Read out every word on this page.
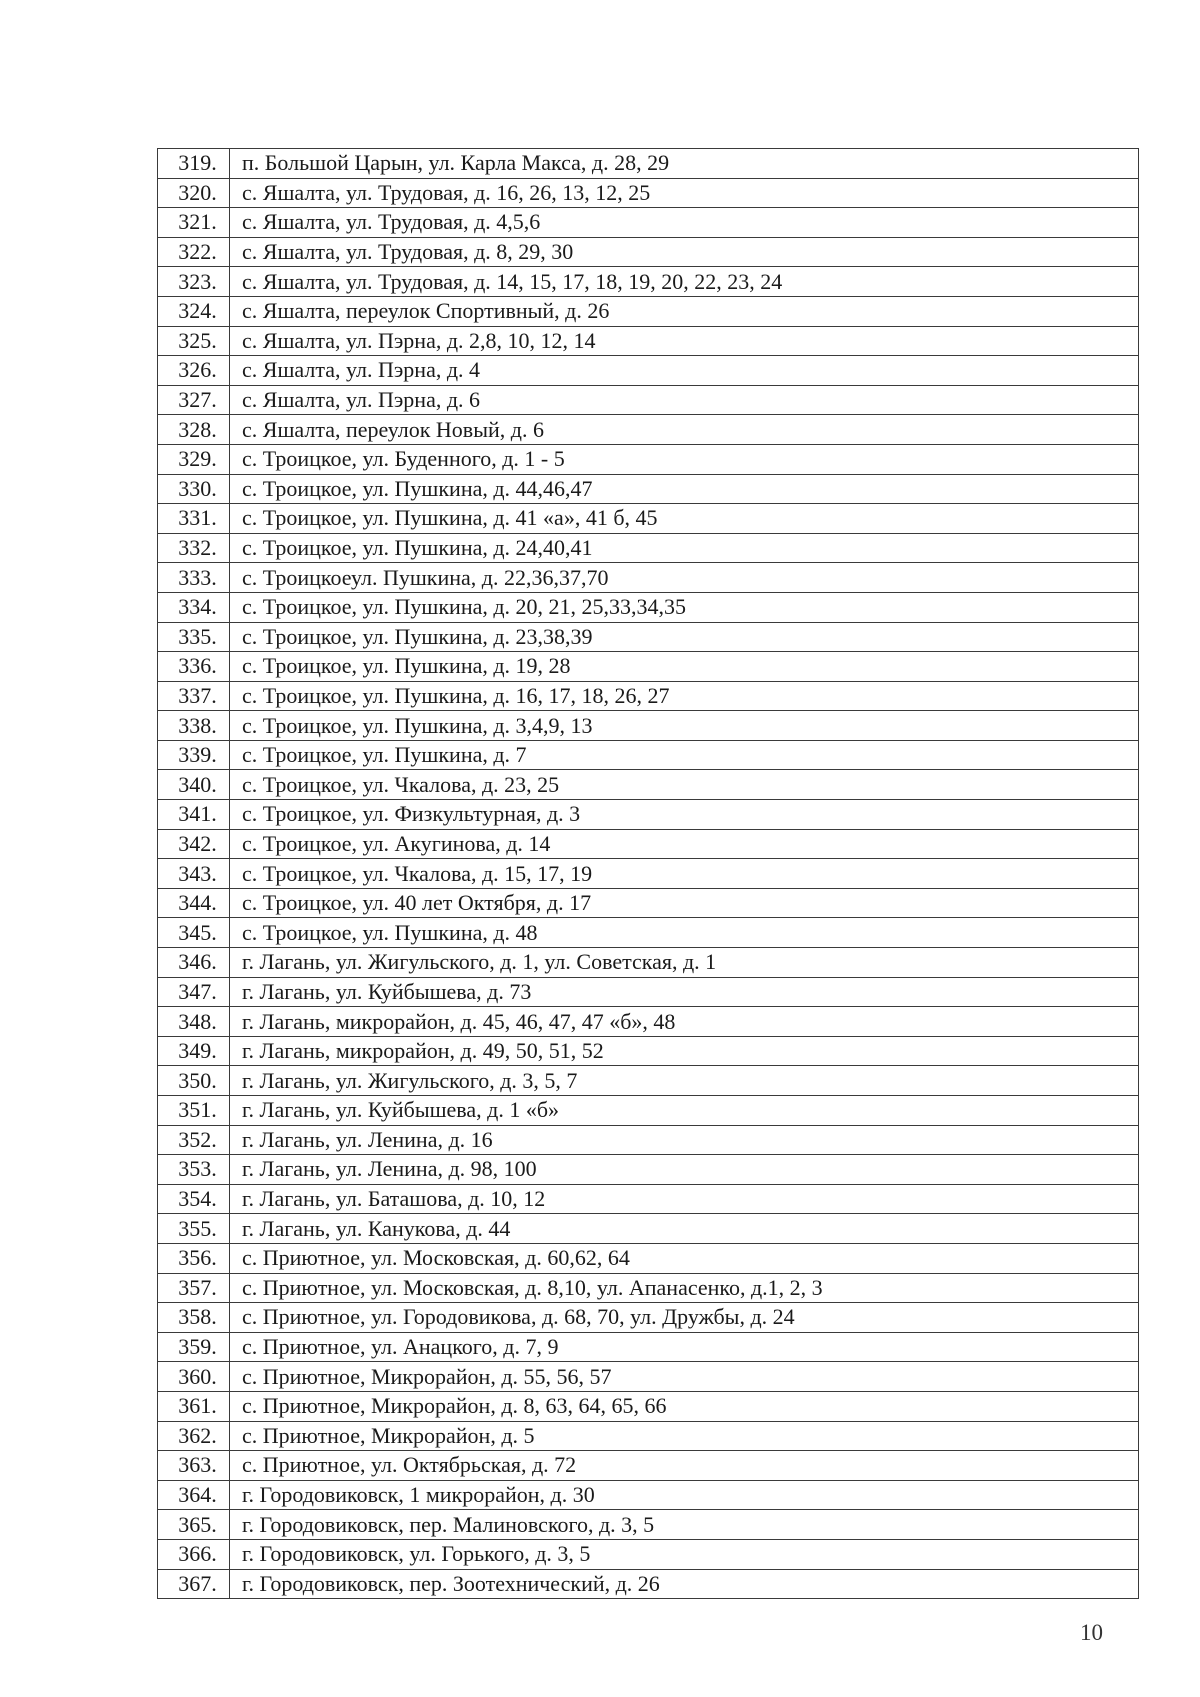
319.	п. Большой Царын, ул. Карла Макса, д. 28, 29
320.	с. Яшалта, ул. Трудовая, д. 16, 26, 13, 12, 25
321.	с. Яшалта, ул. Трудовая, д. 4,5,6
322.	с. Яшалта, ул. Трудовая, д. 8, 29, 30
323.	с. Яшалта, ул. Трудовая, д. 14, 15, 17, 18, 19, 20, 22, 23, 24
324.	с. Яшалта, переулок Спортивный, д. 26
325.	с. Яшалта, ул. Пэрна, д. 2,8, 10, 12, 14
326.	с. Яшалта, ул. Пэрна, д. 4
327.	с. Яшалта, ул. Пэрна, д. 6
328.	с. Яшалта, переулок Новый, д. 6
329.	с. Троицкое, ул. Буденного, д. 1 - 5
330.	с. Троицкое, ул. Пушкина, д. 44,46,47
331.	с. Троицкое, ул. Пушкина, д. 41 «а», 41 б, 45
332.	с. Троицкое, ул. Пушкина, д. 24,40,41
333.	с. Троицкоеул. Пушкина, д. 22,36,37,70
334.	с. Троицкое, ул. Пушкина, д. 20, 21, 25,33,34,35
335.	с. Троицкое, ул. Пушкина, д. 23,38,39
336.	с. Троицкое, ул. Пушкина, д. 19, 28
337.	с. Троицкое, ул. Пушкина, д. 16, 17, 18, 26, 27
338.	с. Троицкое, ул. Пушкина, д. 3,4,9, 13
339.	с. Троицкое, ул. Пушкина, д. 7
340.	с. Троицкое, ул. Чкалова, д. 23, 25
341.	с. Троицкое, ул. Физкультурная, д. 3
342.	с. Троицкое, ул. Акугинова, д. 14
343.	с. Троицкое, ул. Чкалова, д. 15, 17, 19
344.	с. Троицкое, ул. 40 лет Октября, д. 17
345.	с. Троицкое, ул. Пушкина, д. 48
346.	г. Лагань, ул. Жигульского, д. 1, ул. Советская, д. 1
347.	г. Лагань, ул. Куйбышева, д. 73
348.	г. Лагань, микрорайон, д. 45, 46, 47, 47 «б», 48
349.	г. Лагань, микрорайон, д. 49, 50, 51, 52
350.	г. Лагань, ул. Жигульского, д. 3, 5, 7
351.	г. Лагань, ул. Куйбышева, д. 1 «б»
352.	г. Лагань, ул. Ленина, д. 16
353.	г. Лагань, ул. Ленина, д. 98, 100
354.	г. Лагань, ул. Баташова, д. 10, 12
355.	г. Лагань, ул. Канукова, д. 44
356.	с. Приютное, ул. Московская, д. 60,62, 64
357.	с. Приютное, ул. Московская, д. 8,10, ул. Апанасенко, д.1, 2, 3
358.	с. Приютное, ул. Городовикова, д. 68, 70, ул. Дружбы, д. 24
359.	с. Приютное, ул. Анацкого, д. 7, 9
360.	с. Приютное, Микрорайон, д. 55, 56, 57
361.	с. Приютное, Микрорайон, д. 8, 63, 64, 65, 66
362.	с. Приютное, Микрорайон, д. 5
363.	с. Приютное, ул. Октябрьская, д. 72
364.	г. Городовиковск, 1 микрорайон, д. 30
365.	г. Городовиковск, пер. Малиновского, д. 3, 5
366.	г. Городовиковск, ул. Горького, д. 3, 5
367.	г. Городовиковск, пер. Зоотехнический, д. 26
10
